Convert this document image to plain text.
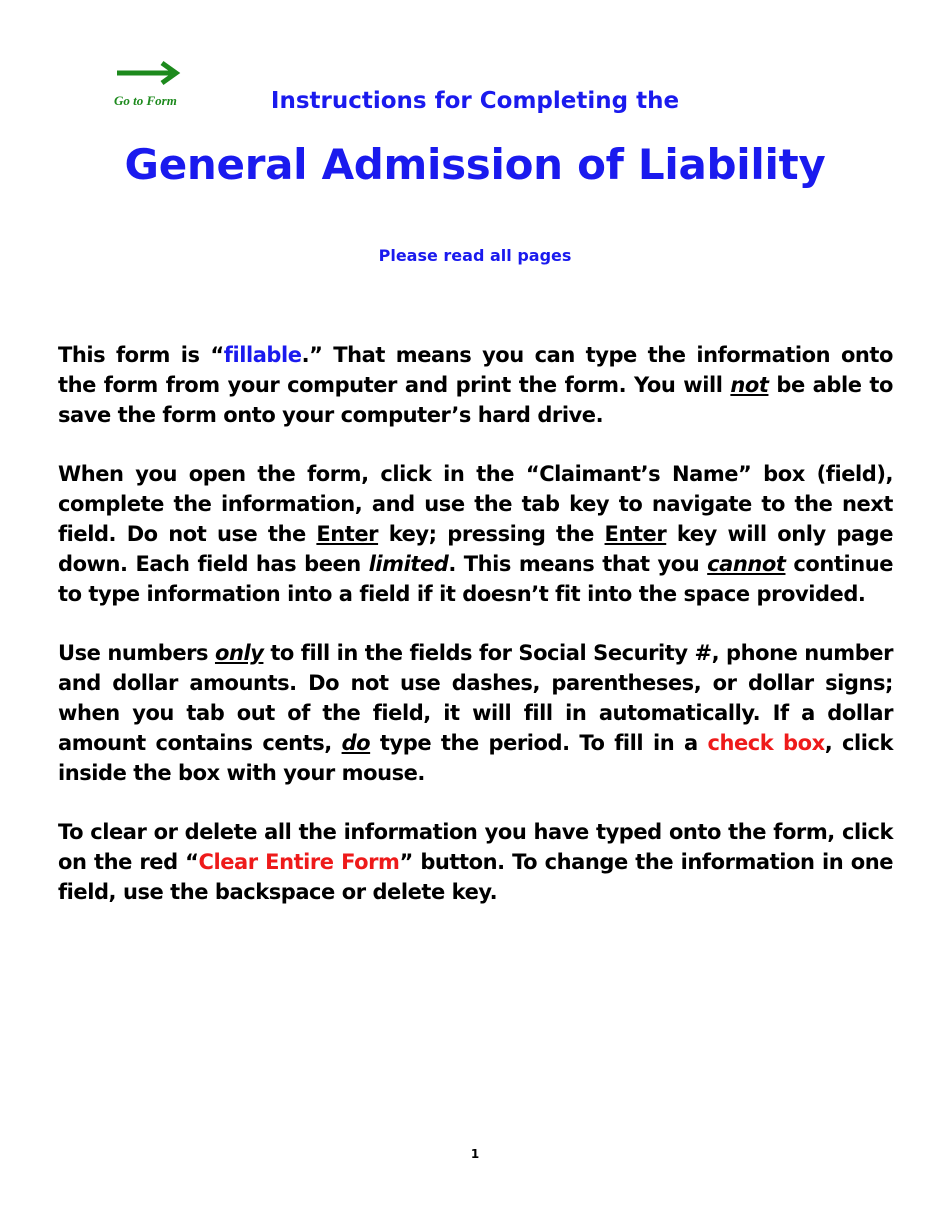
Go to Form	Instructions for Completing the
General Admission of Liability
Please read all pages

This form is “fillable.” That means you can type the information onto the form from your computer and print the form. You will not be able to save the form onto your computer’s hard drive.

When you open the form, click in the “Claimant’s Name” box (field), complete the information, and use the tab key to navigate to the next field. Do not use the Enter key; pressing the Enter key will only page down. Each field has been limited. This means that you cannot continue to type information into a field if it doesn’t fit into the space provided.

Use numbers only to fill in the fields for Social Security #, phone number and dollar amounts. Do not use dashes, parentheses, or dollar signs; when you tab out of the field, it will fill in automatically. If a dollar amount contains cents, do type the period. To fill in a check box, click inside the box with your mouse.

To clear or delete all the information you have typed onto the form, click on the red “Clear Entire Form” button. To change the information in one field, use the backspace or delete key.

1
